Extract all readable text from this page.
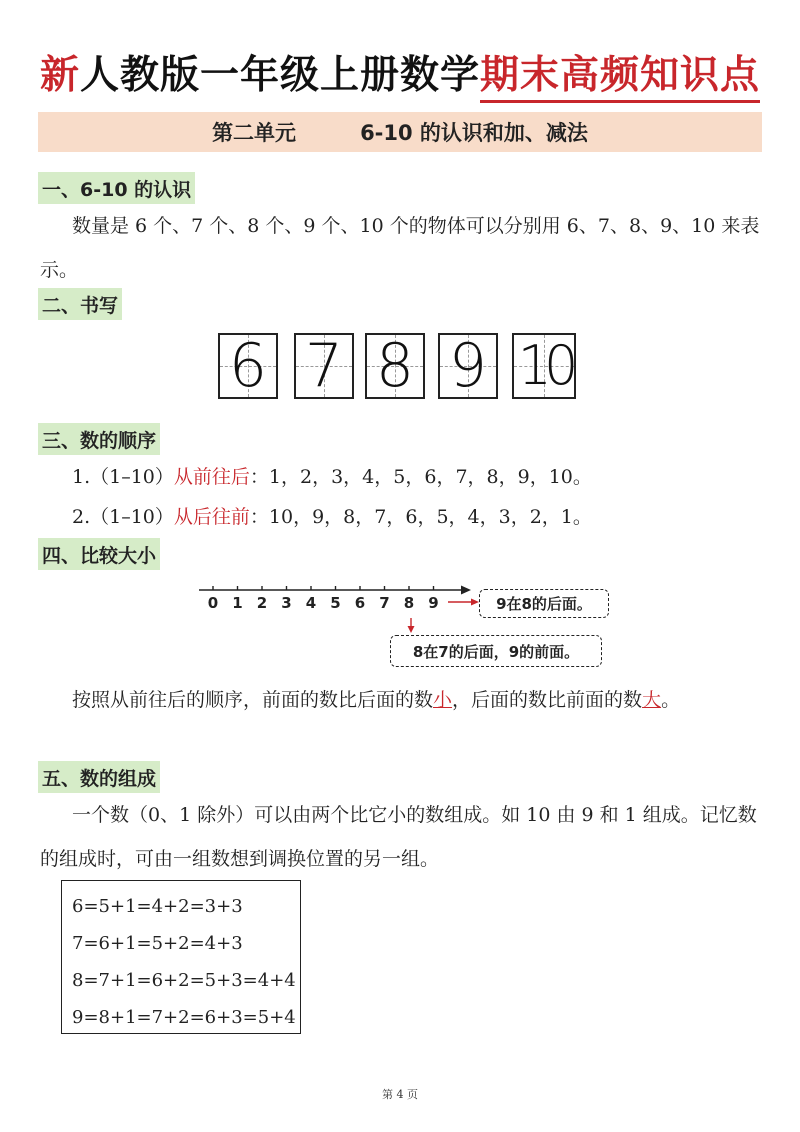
新人教版一年级上册数学期末高频知识点
第二单元	6-10 的认识和加、减法
一、6-10 的认识
数量是 6 个、7 个、8 个、9 个、10 个的物体可以分别用 6、7、8、9、10 来表示。
二、书写
6 7 8 9 10
三、数的顺序
1.（1–10）从前往后：1，2，3，4，5，6，7，8，9，10。
2.（1–10）从后往前：10，9，8，7，6，5，4，3，2，1。
四、比较大小
0 1 2 3 4 5 6 7 8 9	9在8的后面。
8在7的后面，9的前面。
按照从前往后的顺序，前面的数比后面的数小，后面的数比前面的数大。
五、数的组成
一个数（0、1 除外）可以由两个比它小的数组成。如 10 由 9 和 1 组成。记忆数的组成时，可由一组数想到调换位置的另一组。
6=5+1=4+2=3+3
7=6+1=5+2=4+3
8=7+1=6+2=5+3=4+4
9=8+1=7+2=6+3=5+4
第 4 页
